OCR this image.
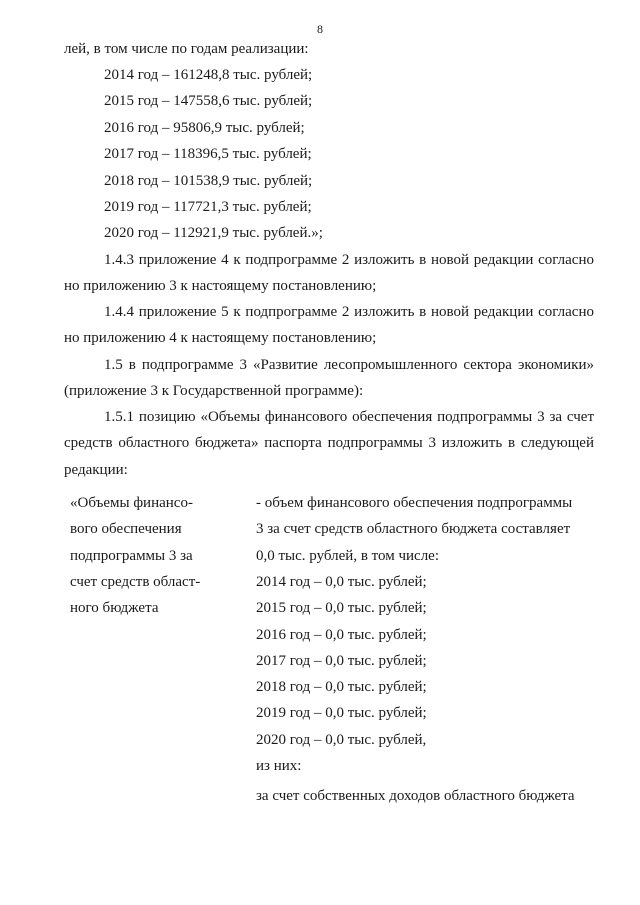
8
лей, в том числе по годам реализации:
2014 год – 161248,8 тыс. рублей;
2015 год – 147558,6 тыс. рублей;
2016 год – 95806,9 тыс. рублей;
2017 год – 118396,5 тыс. рублей;
2018 год – 101538,9 тыс. рублей;
2019 год – 117721,3 тыс. рублей;
2020 год – 112921,9 тыс. рублей.»;
1.4.3 приложение 4 к подпрограмме 2 изложить в новой редакции согласно
но приложению 3 к настоящему постановлению;
1.4.4 приложение 5 к подпрограмме 2 изложить в новой редакции согласно
но приложению 4 к настоящему постановлению;
1.5 в подпрограмме 3 «Развитие лесопромышленного сектора экономики»
(приложение 3 к Государственной программе):
1.5.1 позицию «Объемы финансового обеспечения подпрограммы 3 за счет
средств областного бюджета» паспорта подпрограммы 3 изложить в следующей
редакции:
«Объемы финансо-
вого обеспечения
подпрограммы 3 за
счет средств област-
ного бюджета
- объем финансового обеспечения подпрограммы
3 за счет средств областного бюджета составляет
0,0 тыс. рублей, в том числе:
2014 год – 0,0 тыс. рублей;
2015 год – 0,0 тыс. рублей;
2016 год – 0,0 тыс. рублей;
2017 год – 0,0 тыс. рублей;
2018 год – 0,0 тыс. рублей;
2019 год – 0,0 тыс. рублей;
2020 год – 0,0 тыс. рублей,
из них:
за счет собственных доходов областного бюджета
